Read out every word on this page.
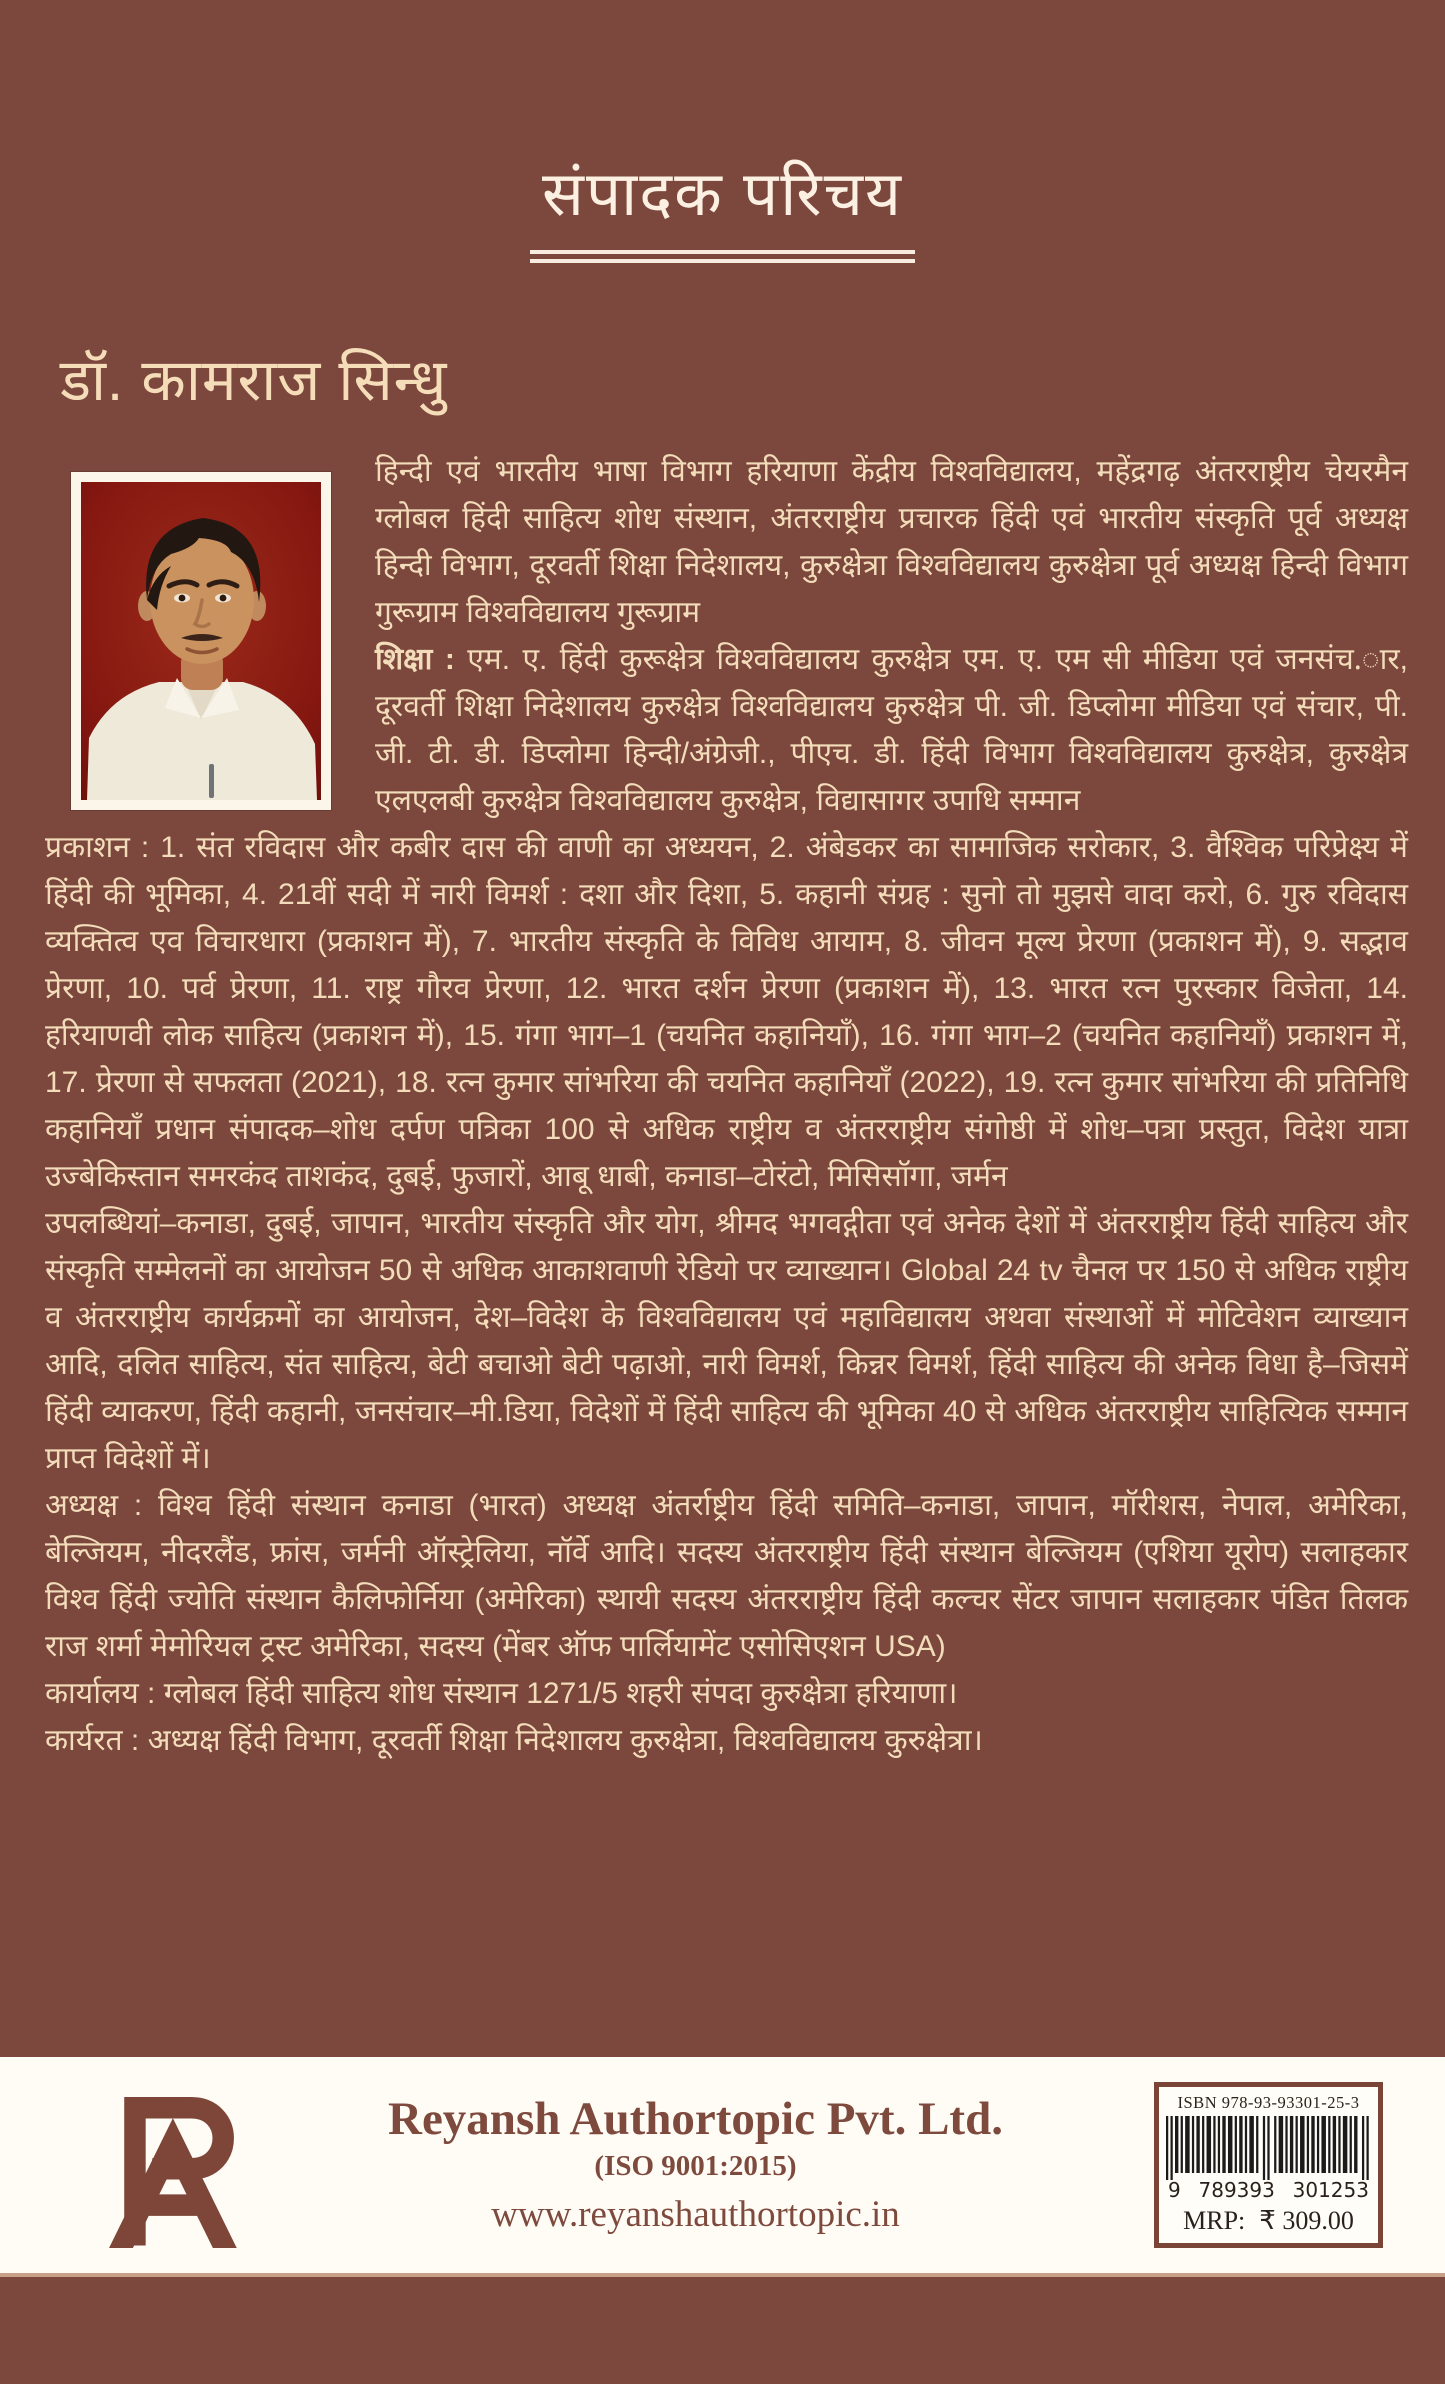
संपादक परिचय
डॉ. कामराज सिन्धु

हिन्दी एवं भारतीय भाषा विभाग हरियाणा केंद्रीय विश्वविद्यालय, महेंद्रगढ़ अंतरराष्ट्रीय चेयरमैन ग्लोबल हिंदी साहित्य शोध संस्थान, अंतरराष्ट्रीय प्रचारक हिंदी एवं भारतीय संस्कृति पूर्व अध्यक्ष हिन्दी विभाग, दूरवर्ती शिक्षा निदेशालय, कुरुक्षेत्रा विश्वविद्यालय कुरुक्षेत्रा पूर्व अध्यक्ष हिन्दी विभाग गुरूग्राम विश्वविद्यालय गुरूग्राम

शिक्षा : एम. ए. हिंदी कुरूक्षेत्र विश्वविद्यालय कुरुक्षेत्र एम. ए. एम सी मीडिया एवं जनसंच.ार, दूरवर्ती शिक्षा निदेशालय कुरुक्षेत्र विश्वविद्यालय कुरुक्षेत्र पी. जी. डिप्लोमा मीडिया एवं संचार, पी. जी. टी. डी. डिप्लोमा हिन्दी/अंग्रेजी., पीएच. डी. हिंदी विभाग विश्वविद्यालय कुरुक्षेत्र, कुरुक्षेत्र एलएलबी कुरुक्षेत्र विश्वविद्यालय कुरुक्षेत्र, विद्यासागर उपाधि सम्मान

प्रकाशन : 1. संत रविदास और कबीर दास की वाणी का अध्ययन, 2. अंबेडकर का सामाजिक सरोकार, 3. वैश्विक परिप्रेक्ष्य में हिंदी की भूमिका, 4. 21वीं सदी में नारी विमर्श : दशा और दिशा, 5. कहानी संग्रह : सुनो तो मुझसे वादा करो, 6. गुरु रविदास व्यक्तित्व एव विचारधारा (प्रकाशन में), 7. भारतीय संस्कृति के विविध आयाम, 8. जीवन मूल्य प्रेरणा (प्रकाशन में), 9. सद्भाव प्रेरणा, 10. पर्व प्रेरणा, 11. राष्ट्र गौरव प्रेरणा, 12. भारत दर्शन प्रेरणा (प्रकाशन में), 13. भारत रत्न पुरस्कार विजेता, 14. हरियाणवी लोक साहित्य (प्रकाशन में), 15. गंगा भाग–1 (चयनित कहानियाँ), 16. गंगा भाग–2 (चयनित कहानियाँ) प्रकाशन में, 17. प्रेरणा से सफलता (2021), 18. रत्न कुमार सांभरिया की चयनित कहानियाँ (2022), 19. रत्न कुमार सांभरिया की प्रतिनिधि कहानियाँ प्रधान संपादक–शोध दर्पण पत्रिका 100 से अधिक राष्ट्रीय व अंतरराष्ट्रीय संगोष्ठी में शोध–पत्रा प्रस्तुत, विदेश यात्रा उज्बेकिस्तान समरकंद ताशकंद, दुबई, फुजारों, आबू धाबी, कनाडा–टोरंटो, मिसिसॉगा, जर्मन

उपलब्धियां–कनाडा, दुबई, जापान, भारतीय संस्कृति और योग, श्रीमद भगवद्गीता एवं अनेक देशों में अंतरराष्ट्रीय हिंदी साहित्य और संस्कृति सम्मेलनों का आयोजन 50 से अधिक आकाशवाणी रेडियो पर व्याख्यान। Global 24 tv चैनल पर 150 से अधिक राष्ट्रीय व अंतरराष्ट्रीय कार्यक्रमों का आयोजन, देश–विदेश के विश्वविद्यालय एवं महाविद्यालय अथवा संस्थाओं में मोटिवेशन व्याख्यान आदि, दलित साहित्य, संत साहित्य, बेटी बचाओ बेटी पढ़ाओ, नारी विमर्श, किन्नर विमर्श, हिंदी साहित्य की अनेक विधा है–जिसमें हिंदी व्याकरण, हिंदी कहानी, जनसंचार–मी.डिया, विदेशों में हिंदी साहित्य की भूमिका 40 से अधिक अंतरराष्ट्रीय साहित्यिक सम्मान प्राप्त विदेशों में।

अध्यक्ष : विश्व हिंदी संस्थान कनाडा (भारत) अध्यक्ष अंतर्राष्ट्रीय हिंदी समिति–कनाडा, जापान, मॉरीशस, नेपाल, अमेरिका, बेल्जियम, नीदरलैंड, फ्रांस, जर्मनी ऑस्ट्रेलिया, नॉर्वे आदि। सदस्य अंतरराष्ट्रीय हिंदी संस्थान बेल्जियम (एशिया यूरोप) सलाहकार विश्व हिंदी ज्योति संस्थान कैलिफोर्निया (अमेरिका) स्थायी सदस्य अंतरराष्ट्रीय हिंदी कल्चर सेंटर जापान सलाहकार पंडित तिलक राज शर्मा मेमोरियल ट्रस्ट अमेरिका, सदस्य (मेंबर ऑफ पार्लियामेंट एसोसिएशन USA)

कार्यालय : ग्लोबल हिंदी साहित्य शोध संस्थान 1271/5 शहरी संपदा कुरुक्षेत्रा हरियाणा।

कार्यरत : अध्यक्ष हिंदी विभाग, दूरवर्ती शिक्षा निदेशालय कुरुक्षेत्रा, विश्वविद्यालय कुरुक्षेत्रा।

Reyansh Authortopic Pvt. Ltd.
(ISO 9001:2015)
www.reyanshauthortopic.in
ISBN 978-93-93301-25-3
9 789393 301253
MRP: ₹ 309.00
